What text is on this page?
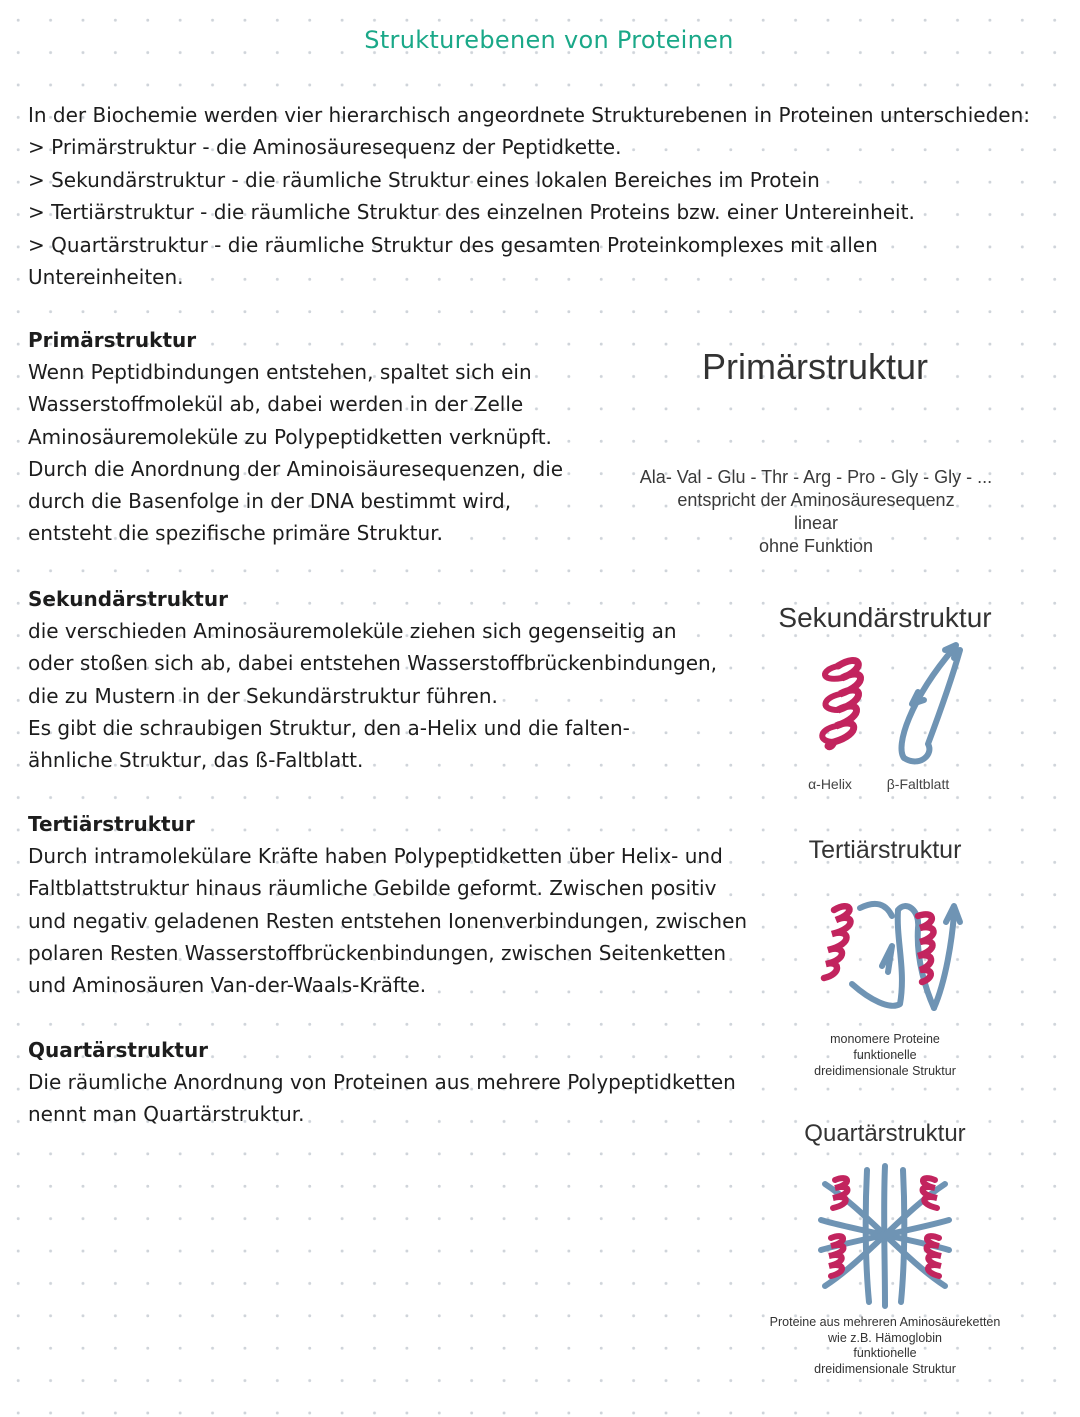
Strukturebenen von Proteinen
In der Biochemie werden vier hierarchisch angeordnete Strukturebenen in Proteinen unterschieden:
> Primärstruktur - die Aminosäuresequenz der Peptidkette.
> Sekundärstruktur - die räumliche Struktur eines lokalen Bereiches im Protein
> Tertiärstruktur - die räumliche Struktur des einzelnen Proteins bzw. einer Untereinheit.
> Quartärstruktur - die räumliche Struktur des gesamten Proteinkomplexes mit allen
Untereinheiten.
Primärstruktur
Wenn Peptidbindungen entstehen, spaltet sich ein
Wasserstoffmolekül ab, dabei werden in der Zelle
Aminosäuremoleküle zu Polypeptidketten verknüpft.
Durch die Anordnung der Aminoisäuresequenzen, die
durch die Basenfolge in der DNA bestimmt wird,
entsteht die spezifische primäre Struktur.
Sekundärstruktur
die verschieden Aminosäuremoleküle ziehen sich gegenseitig an
oder stoßen sich ab, dabei entstehen Wasserstoffbrückenbindungen,
die zu Mustern in der Sekundärstruktur führen.
Es gibt die schraubigen Struktur, den a-Helix und die falten-
ähnliche Struktur, das ß-Faltblatt.
Tertiärstruktur
Durch intramolekülare Kräfte haben Polypeptidketten über Helix- und
Faltblattstruktur hinaus räumliche Gebilde geformt. Zwischen positiv
und negativ geladenen Resten entstehen Ionenverbindungen, zwischen
polaren Resten Wasserstoffbrückenbindungen, zwischen Seitenketten
und Aminosäuren Van-der-Waals-Kräfte.
Quartärstruktur
Die räumliche Anordnung von Proteinen aus mehrere Polypeptidketten
nennt man Quartärstruktur.
Primärstruktur
Ala- Val - Glu - Thr - Arg - Pro - Gly - Gly - ...
entspricht der Aminosäuresequenz
linear
ohne Funktion
Sekundärstruktur
α-Helix	β-Faltblatt
Tertiärstruktur
monomere Proteine
funktionelle
dreidimensionale Struktur
Quartärstruktur
Proteine aus mehreren Aminosäureketten
wie z.B. Hämoglobin
funktionelle
dreidimensionale Struktur
